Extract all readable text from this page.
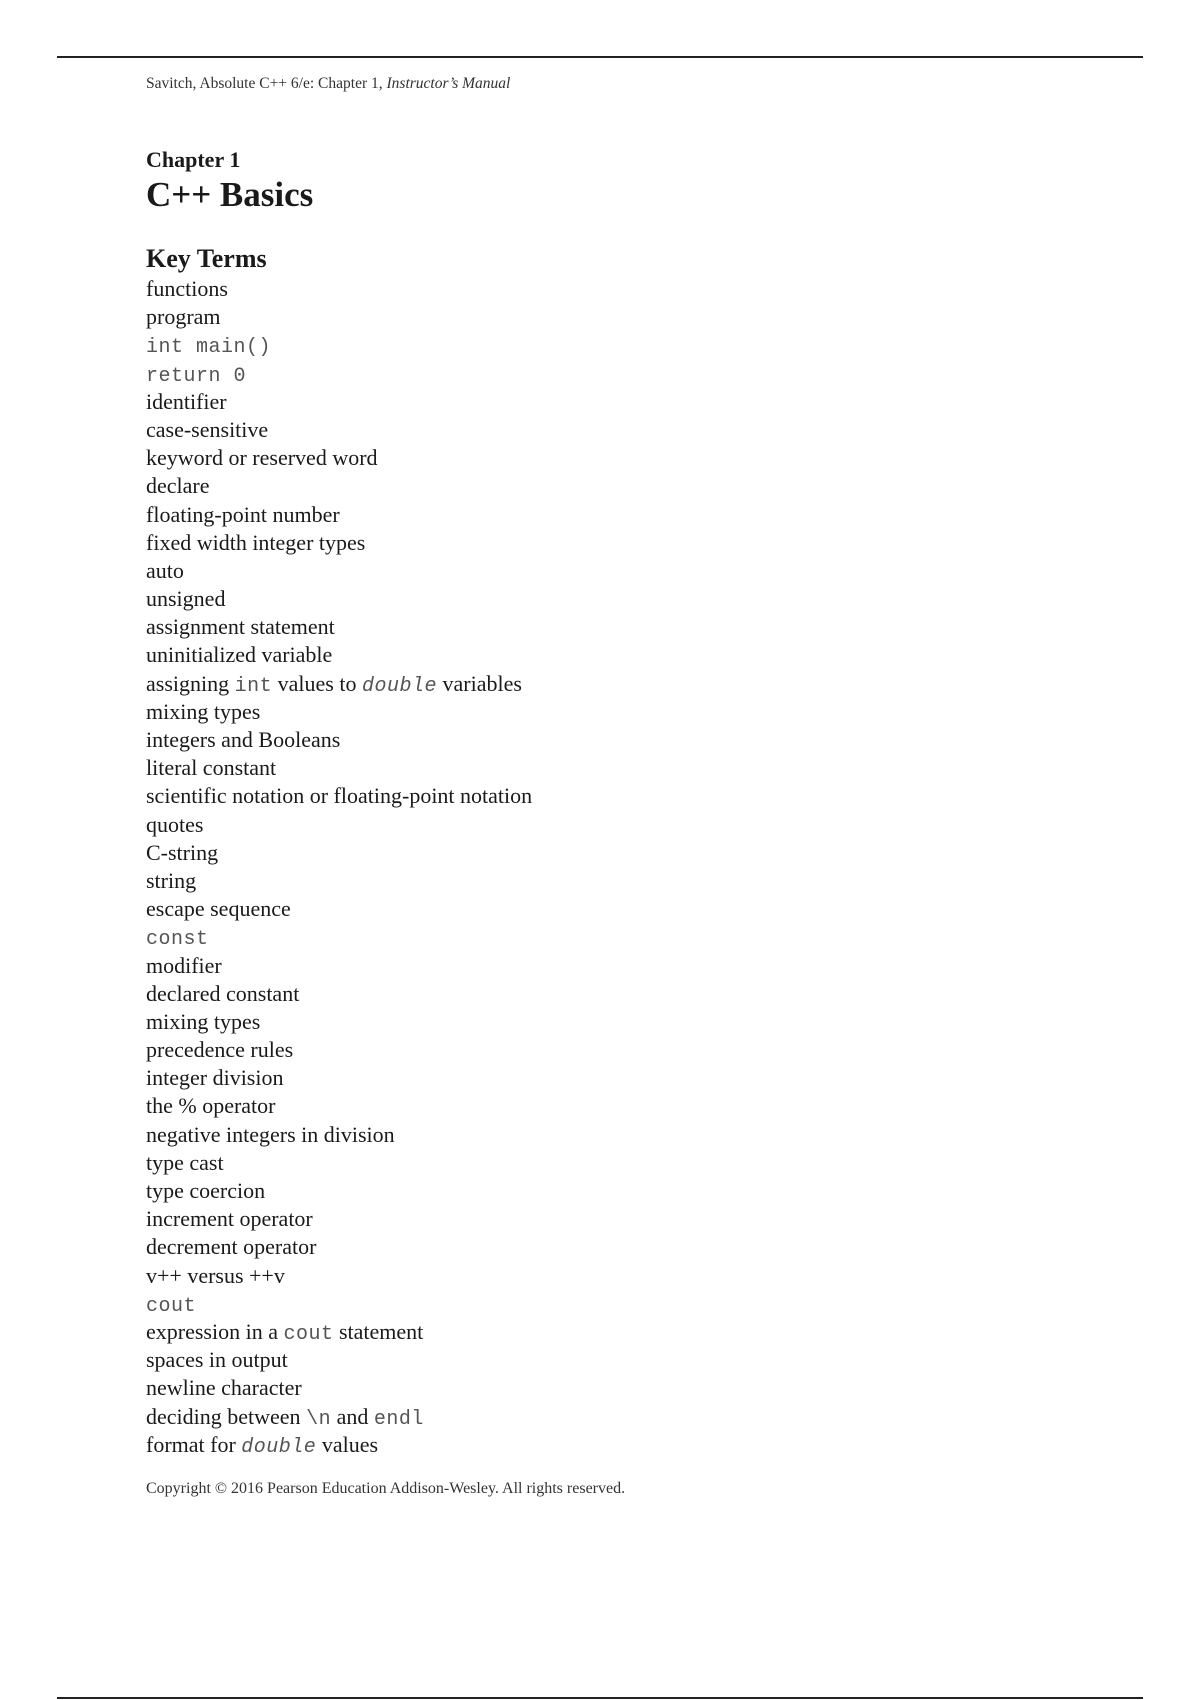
Savitch, Absolute C++ 6/e: Chapter 1, Instructor’s Manual
Chapter 1
C++ Basics
Key Terms
functions
program
int main()
return 0
identifier
case-sensitive
keyword or reserved word
declare
floating-point number
fixed width integer types
auto
unsigned
assignment statement
uninitialized variable
assigning int values to double variables
mixing types
integers and Booleans
literal constant
scientific notation or floating-point notation
quotes
C-string
string
escape sequence
const
modifier
declared constant
mixing types
precedence rules
integer division
the % operator
negative integers in division
type cast
type coercion
increment operator
decrement operator
v++ versus ++v
cout
expression in a cout statement
spaces in output
newline character
deciding between \n and endl
format for double values
Copyright © 2016 Pearson Education Addison-Wesley. All rights reserved.
